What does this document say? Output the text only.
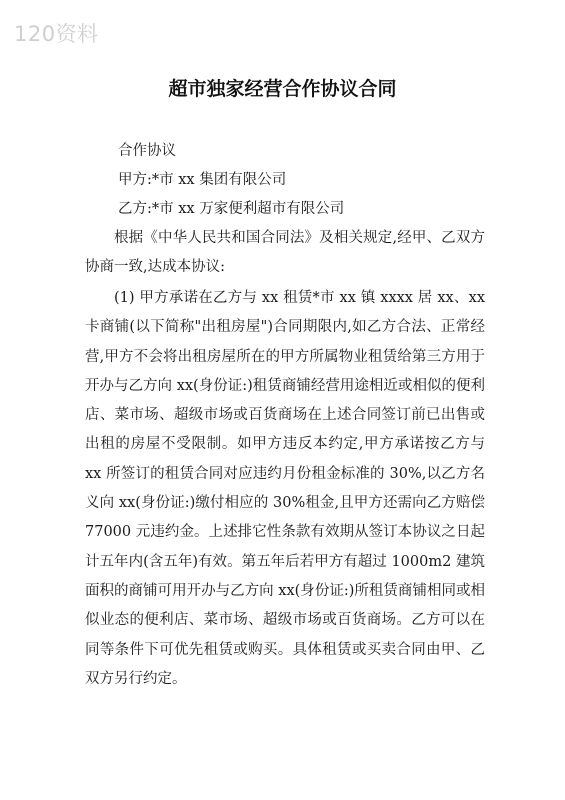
120资料
超市独家经营合作协议合同
合作协议
甲方:*市 xx 集团有限公司
乙方:*市 xx 万家便利超市有限公司
根据《中华人民共和国合同法》及相关规定,经甲、乙双方协商一致,达成本协议:
(1) 甲方承诺在乙方与 xx 租赁*市 xx 镇 xxxx 居 xx、xx 卡商铺(以下简称"出租房屋")合同期限内,如乙方合法、正常经营,甲方不会将出租房屋所在的甲方所属物业租赁给第三方用于开办与乙方向 xx(身份证:)租赁商铺经营用途相近或相似的便利店、菜市场、超级市场或百货商场在上述合同签订前已出售或出租的房屋不受限制。如甲方违反本约定,甲方承诺按乙方与 xx 所签订的租赁合同对应违约月份租金标准的 30%,以乙方名义向 xx(身份证:)缴付相应的 30%租金,且甲方还需向乙方赔偿 77000 元违约金。上述排它性条款有效期从签订本协议之日起计五年内(含五年)有效。第五年后若甲方有超过 1000m2 建筑面积的商铺可用开办与乙方向 xx(身份证:)所租赁商铺相同或相似业态的便利店、菜市场、超级市场或百货商场。乙方可以在同等条件下可优先租赁或购买。具体租赁或买卖合同由甲、乙双方另行约定。
